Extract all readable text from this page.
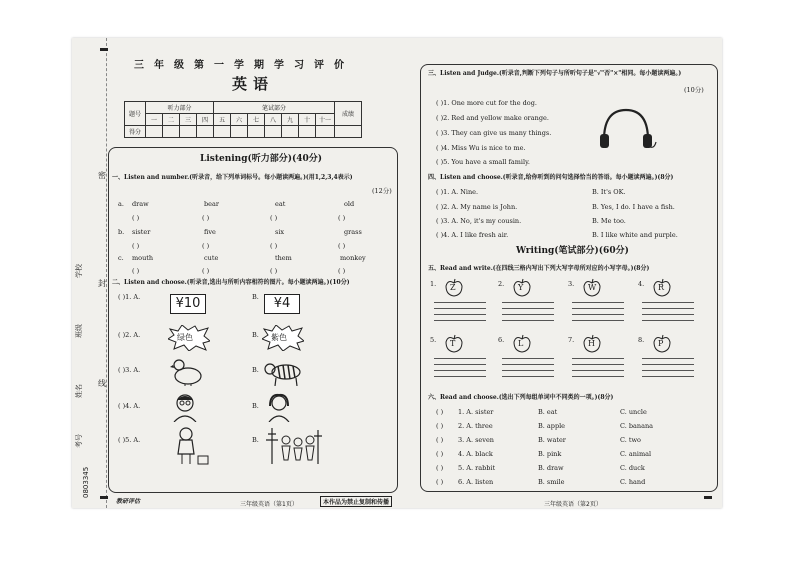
密
封
线
学校
班级
姓名
考号
0803345
三年级第一学期学习评价
英语
题号	听力部分				笔试部分							成绩
	一	二	三	四	五	六	七	八	九	十	十一	
得分												
Listening(听力部分)(40分)
一、Listen and number.(听录音，给下列单词标号。每小题读两遍。)(用1,2,3,4表示)
(12分)
a. draw	bear	eat	old
( )	( )	( )	( )
b. sister	five	six	grass
( )	( )	( )	( )
c. mouth	cute	them	monkey
( )	( )	( )	( )
二、Listen and choose.(听录音,选出与所听内容相符的图片。每小题读两遍。)(10分)
( )1. A.	¥10	B.	¥4
( )2. A.	绿色	B. 紫色
( )3. A.	B.
( )4. A.	B.
( )5. A.	B.
教研评估	三年级英语（第1页）	本作品为禁止复制和传播
三、Listen and Judge.(听录音,判断下列句子与所听句子是"√"否"×"相同。每小题读两遍。)
(10分)
( )1. One more cut for the dog.
( )2. Red and yellow make orange.
( )3. They can give us many things.
( )4. Miss Wu is nice to me.
( )5. You have a small family.
四、Listen and choose.(听录音,给你听到的问句选择恰当的答语。每小题读两遍。)(8分)
( )1. A. Nine.	B. It's OK.
( )2. A. My name is John.	B. Yes, I do. I have a fish.
( )3. A. No, it's my cousin.	B. Me too.
( )4. A. I like fresh air.	B. I like white and purple.
Writing(笔试部分)(60分)
五、Read and write.(在四线三格内写出下列大写字母所对应的小写字母。)(8分)
六、Read and choose.(选出下列每组单词中不同类的一项。)(8分)
三年级英语（第2页）
1. Z	2. Y	3. W	4. R
5. T	6. L	7. H	8. P
( ) 1. A. sister	B. eat	C. uncle
( ) 2. A. three	B. apple	C. banana
( ) 3. A. seven	B. water	C. two
( ) 4. A. black	B. pink	C. animal
( ) 5. A. rabbit	B. draw	C. duck
( ) 6. A. listen	B. smile	C. hand
